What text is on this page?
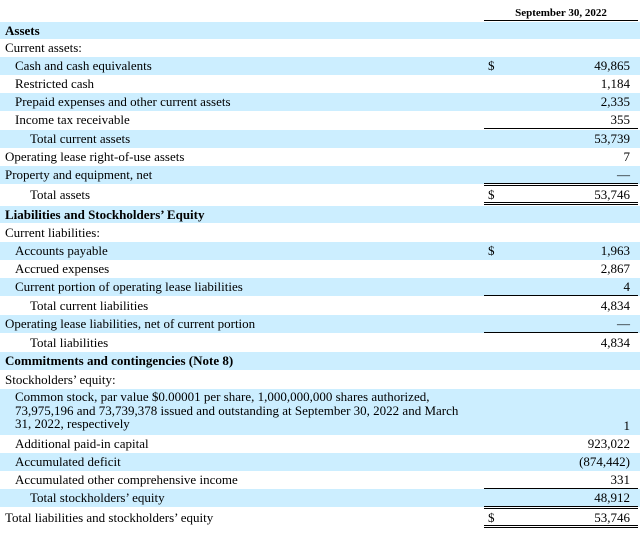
September 30, 2022
Assets
Current assets:
Cash and cash equivalents	$	49,865
Restricted cash	1,184
Prepaid expenses and other current assets	2,335
Income tax receivable	355
Total current assets	53,739
Operating lease right-of-use assets	7
Property and equipment, net	—
Total assets	$	53,746
Liabilities and Stockholders’ Equity
Current liabilities:
Accounts payable	$	1,963
Accrued expenses	2,867
Current portion of operating lease liabilities	4
Total current liabilities	4,834
Operating lease liabilities, net of current portion	—
Total liabilities	4,834
Commitments and contingencies (Note 8)
Stockholders’ equity:
Common stock, par value $0.00001 per share, 1,000,000,000 shares authorized, 73,975,196 and 73,739,378 issued and outstanding at September 30, 2022 and March 31, 2022, respectively	1
Additional paid-in capital	923,022
Accumulated deficit	(874,442)
Accumulated other comprehensive income	331
Total stockholders’ equity	48,912
Total liabilities and stockholders’ equity	$	53,746
